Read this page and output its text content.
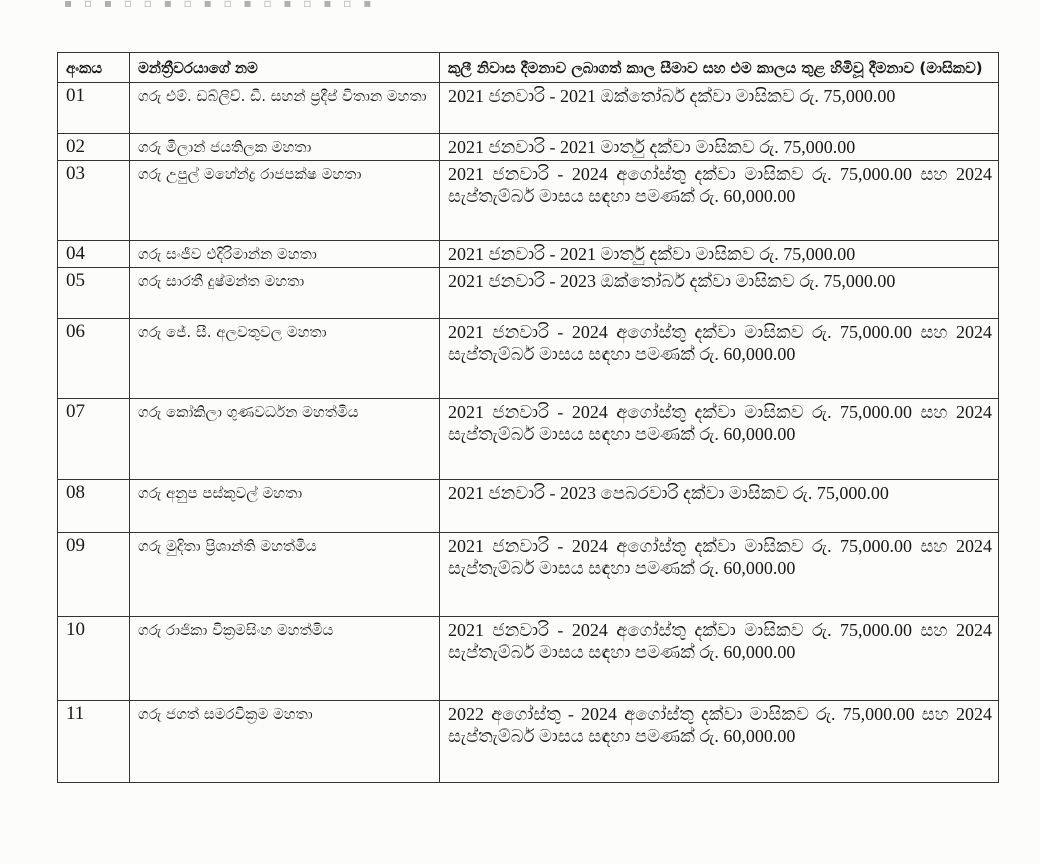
▪ ▫ ▪ ▫ ▫ ▪ ▫ ▪ ▫ ▪ ▫ ▪ ▫ ▪ ▫ ▪
අංකය	මන්ත්‍රීවරයාගේ නම	කුලී නිවාස දීමනාව ලබාගත් කාල සීමාව සහ එම කාලය තුළ හිමිවූ දීමනාව (මාසිකව)
01	ගරු එම්. ඩබ්ලිව්. ඩී. සහන් ප්‍රදීප් විතාන මහතා	2021 ජනවාරි - 2021 ඔක්තෝබර් දක්වා මාසිකව රු. 75,000.00
02	ගරු මිලාන් ජයතිලක මහතා	2021 ජනවාරි - 2021 මාර්තු දක්වා මාසිකව රු. 75,000.00
03	ගරු උපුල් මහේන්ද්‍ර රාජපක්ෂ මහතා	2021 ජනවාරි - 2024 අගෝස්තු දක්වා මාසිකව රු. 75,000.00 සහ 2024 සැප්තැම්බර් මාසය සඳහා පමණක් රු. 60,000.00
04	ගරු සංජීව එදිරිමාන්න මහතා	2021 ජනවාරි - 2021 මාර්තු දක්වා මාසිකව රු. 75,000.00
05	ගරු සාරතී දුෂ්මන්ත මහතා	2021 ජනවාරි - 2023 ඔක්තෝබර් දක්වා මාසිකව රු. 75,000.00
06	ගරු ජේ. සී. අලවතුවල මහතා	2021 ජනවාරි - 2024 අගෝස්තු දක්වා මාසිකව රු. 75,000.00 සහ 2024 සැප්තැම්බර් මාසය සඳහා පමණක් රු. 60,000.00
07	ගරු කෝකිලා ගුණවර්ධන මහත්මිය	2021 ජනවාරි - 2024 අගෝස්තු දක්වා මාසිකව රු. 75,000.00 සහ 2024 සැප්තැම්බර් මාසය සඳහා පමණක් රු. 60,000.00
08	ගරු අනුප පස්කුවල් මහතා	2021 ජනවාරි - 2023 පෙබරවාරි දක්වා මාසිකව රු. 75,000.00
09	ගරු මුදිතා ප්‍රිශාන්ති මහත්මිය	2021 ජනවාරි - 2024 අගෝස්තු දක්වා මාසිකව රු. 75,000.00 සහ 2024 සැප්තැම්බර් මාසය සඳහා පමණක් රු. 60,000.00
10	ගරු රාජිකා වික්‍රමසිංහ මහත්මිය	2021 ජනවාරි - 2024 අගෝස්තු දක්වා මාසිකව රු. 75,000.00 සහ 2024 සැප්තැම්බර් මාසය සඳහා පමණක් රු. 60,000.00
11	ගරු ජගත් සමරවික්‍රම මහතා	2022 අගෝස්තු - 2024 අගෝස්තු දක්වා මාසිකව රු. 75,000.00 සහ 2024 සැප්තැම්බර් මාසය සඳහා පමණක් රු. 60,000.00
